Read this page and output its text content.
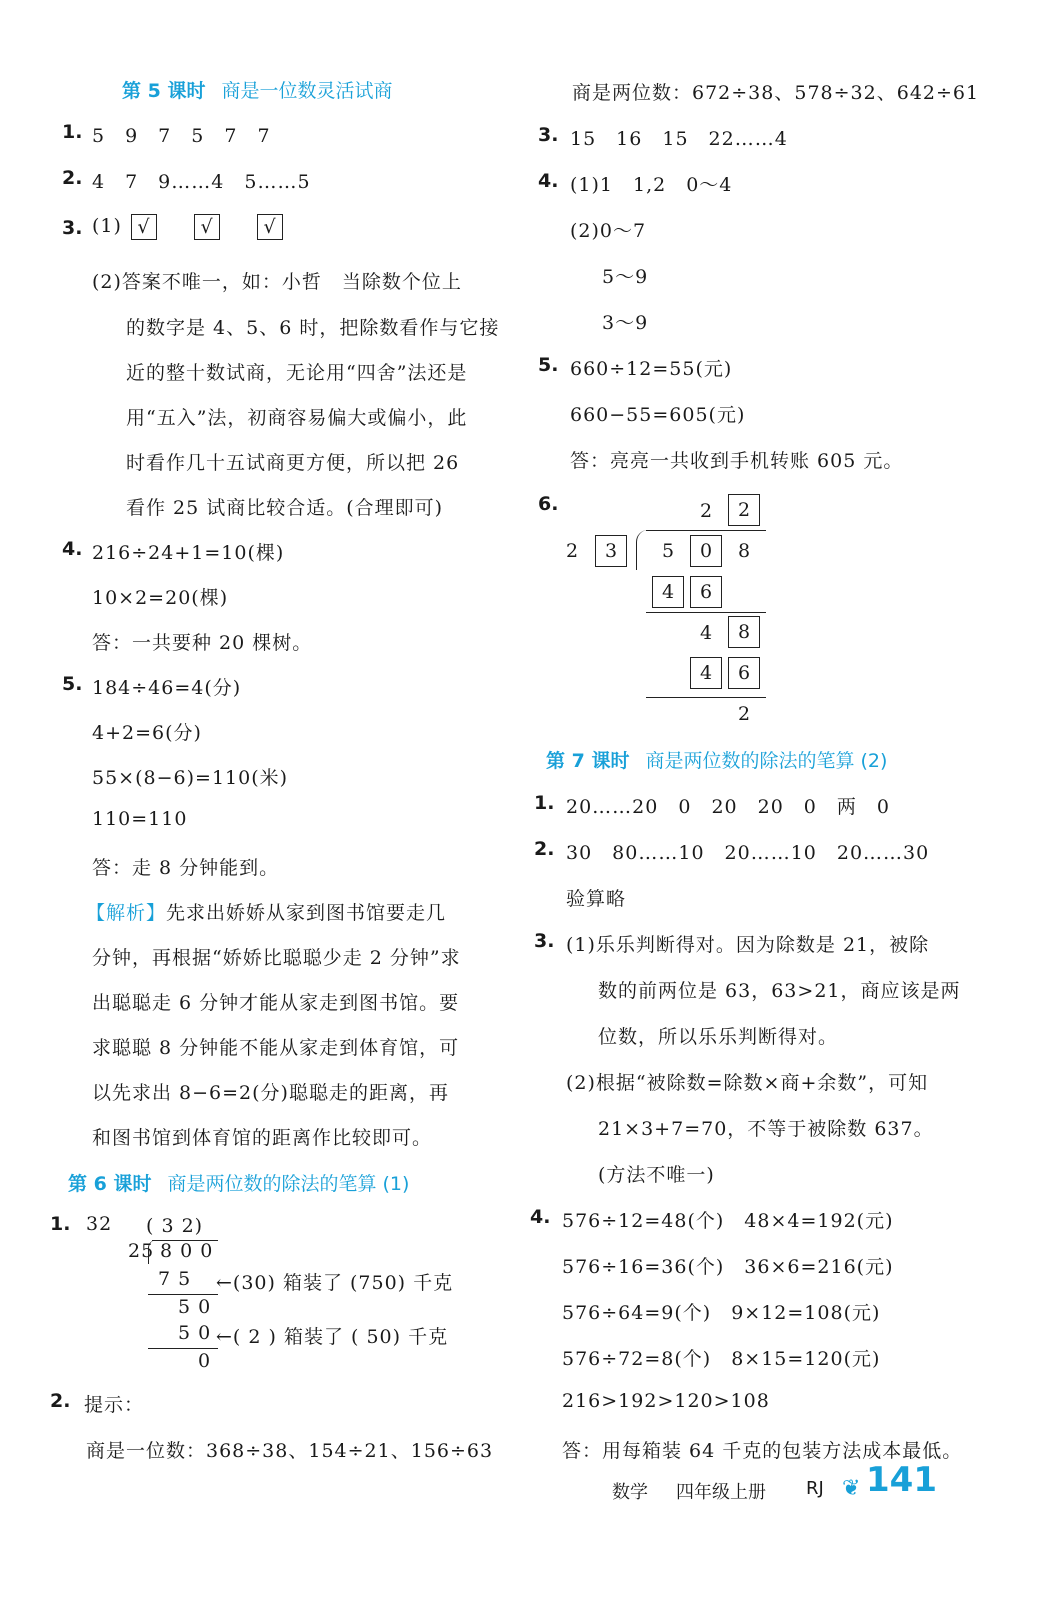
第 5 课时 商是一位数灵活试商
1. 5　9　7　5　7　7
2. 4　7　9……4　5……5
3. (1) √	√	√
(2)答案不唯一，如：小哲　当除数个位上
的数字是 4、5、6 时，把除数看作与它接
近的整十数试商，无论用“四舍”法还是
用“五入”法，初商容易偏大或偏小，此
时看作几十五试商更方便，所以把 26
看作 25 试商比较合适。(合理即可)
4. 216÷24+1=10(棵)
10×2=20(棵)
答：一共要种 20 棵树。
5. 184÷46=4(分)
4+2=6(分)
55×(8−6)=110(米)
110=110
答：走 8 分钟能到。
【解析】先求出娇娇从家到图书馆要走几
分钟，再根据“娇娇比聪聪少走 2 分钟”求
出聪聪走 6 分钟才能从家走到图书馆。要
求聪聪 8 分钟能不能从家走到体育馆，可
以先求出 8−6=2(分)聪聪走的距离，再
和图书馆到体育馆的距离作比较即可。
第 6 课时 商是两位数的除法的笔算 (1)
1. 32 ( 3 2)
25 8 0 0
7 5 ←(30) 箱装了 (750) 千克
5 0
5 0 ←( 2 ) 箱装了 ( 50) 千克
0
2. 提示：
商是一位数：368÷38、154÷21、156÷63
商是两位数：672÷38、578÷32、642÷61
3. 15　16　15　22……4
4. (1)1　1,2　0～4
(2)0～7
5～9
3～9
5. 660÷12=55(元)
660−55=605(元)
答：亮亮一共收到手机转账 605 元。
6.	2	2
2	3	5	0	8
4	6
4	8
4	6
2
第 7 课时 商是两位数的除法的笔算 (2)
1. 20……20　0　20　20　0　两　0
2. 30　80……10　20……10　20……30
验算略
3. (1)乐乐判断得对。因为除数是 21，被除
数的前两位是 63，63>21，商应该是两
位数，所以乐乐判断得对。
(2)根据“被除数=除数×商+余数”，可知
21×3+7=70，不等于被除数 637。
(方法不唯一)
4. 576÷12=48(个)　48×4=192(元)
576÷16=36(个)　36×6=216(元)
576÷64=9(个)　9×12=108(元)
576÷72=8(个)　8×15=120(元)
216>192>120>108
答：用每箱装 64 千克的包装方法成本最低。
数学 四年级上册 RJ ❦ 141
